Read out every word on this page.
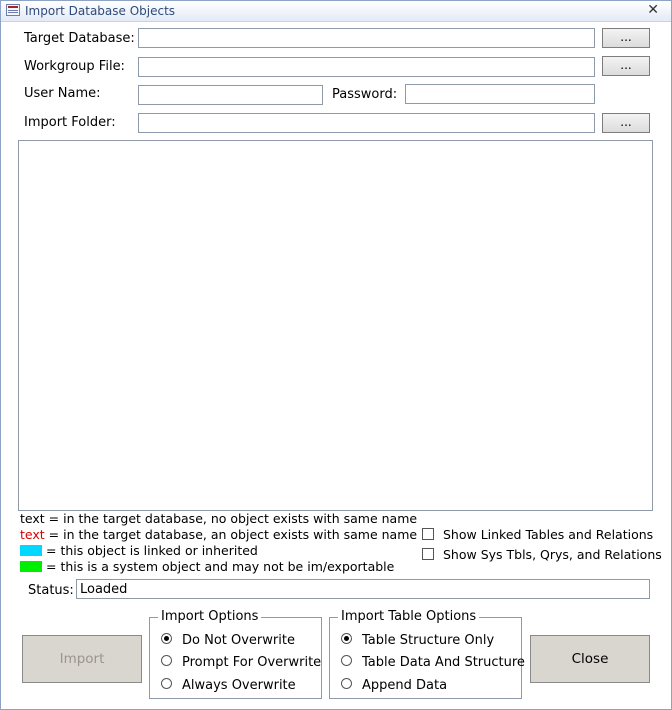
Import Database Objects	✕
Target Database:	...
Workgroup File:	...
User Name:	Password:
Import Folder:	...
text = in the target database, no object exists with same name
text = in the target database, an object exists with same name
= this object is linked or inherited
= this is a system object and may not be im/exportable
Show Linked Tables and Relations
Show Sys Tbls, Qrys, and Relations
Status:
Loaded
Import
Import Options
Do Not Overwrite
Prompt For Overwrite
Always Overwrite
Import Table Options
Table Structure Only
Table Data And Structure
Append Data
Close
